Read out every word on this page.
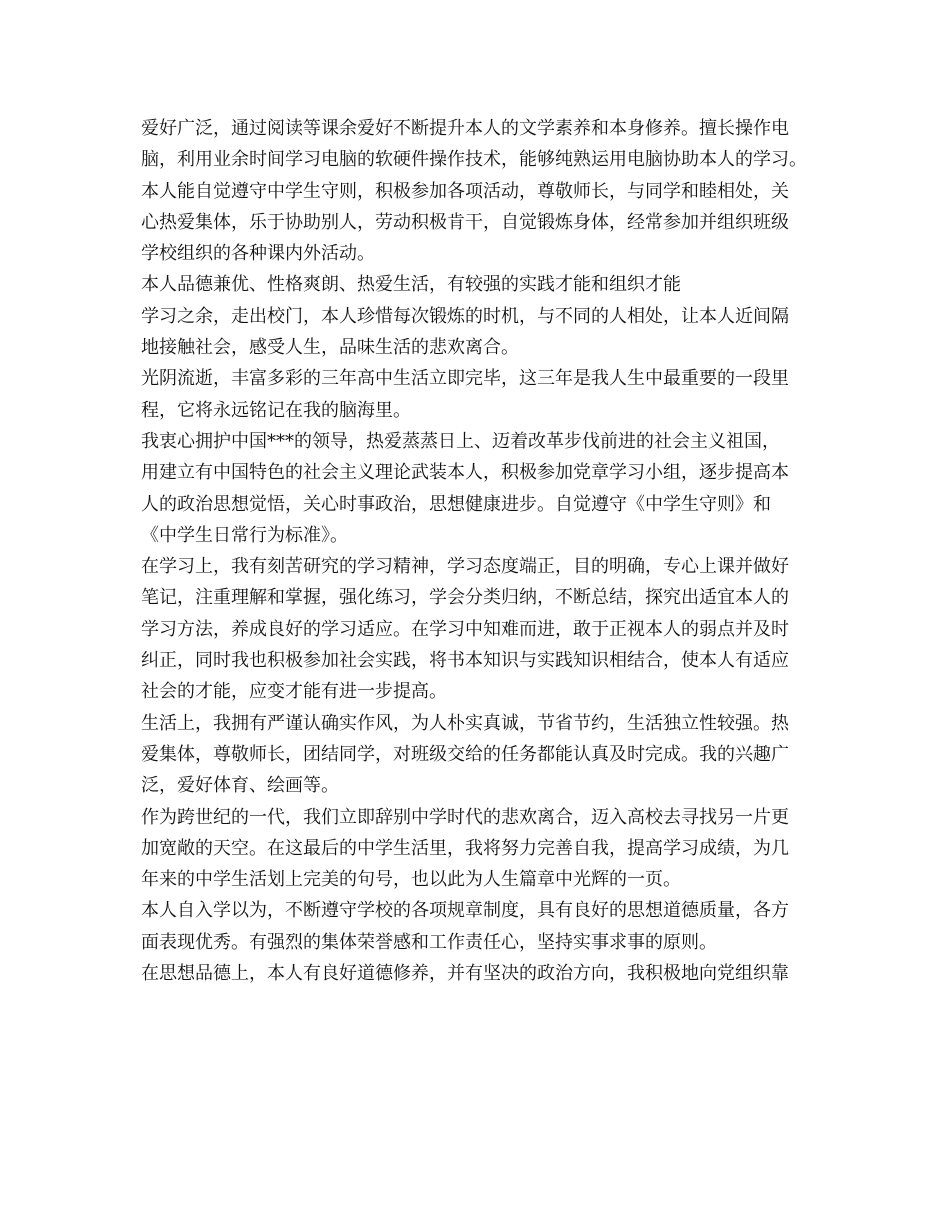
爱好广泛，通过阅读等课余爱好不断提升本人的文学素养和本身修养。擅长操作电
脑，利用业余时间学习电脑的软硬件操作技术，能够纯熟运用电脑协助本人的学习。
本人能自觉遵守中学生守则，积极参加各项活动，尊敬师长，与同学和睦相处，关
心热爱集体，乐于协助别人，劳动积极肯干，自觉锻炼身体，经常参加并组织班级
学校组织的各种课内外活动。
本人品德兼优、性格爽朗、热爱生活，有较强的实践才能和组织才能
学习之余，走出校门，本人珍惜每次锻炼的时机，与不同的人相处，让本人近间隔
地接触社会，感受人生，品味生活的悲欢离合。
光阴流逝，丰富多彩的三年高中生活立即完毕，这三年是我人生中最重要的一段里
程，它将永远铭记在我的脑海里。
我衷心拥护中国***的领导，热爱蒸蒸日上、迈着改革步伐前进的社会主义祖国，
用建立有中国特色的社会主义理论武装本人，积极参加党章学习小组，逐步提高本
人的政治思想觉悟，关心时事政治，思想健康进步。自觉遵守《中学生守则》和
《中学生日常行为标准》。
在学习上，我有刻苦研究的学习精神，学习态度端正，目的明确，专心上课并做好
笔记，注重理解和掌握，强化练习，学会分类归纳，不断总结，探究出适宜本人的
学习方法，养成良好的学习适应。在学习中知难而进，敢于正视本人的弱点并及时
纠正，同时我也积极参加社会实践，将书本知识与实践知识相结合，使本人有适应
社会的才能，应变才能有进一步提高。
生活上，我拥有严谨认确实作风，为人朴实真诚，节省节约，生活独立性较强。热
爱集体，尊敬师长，团结同学，对班级交给的任务都能认真及时完成。我的兴趣广
泛，爱好体育、绘画等。
作为跨世纪的一代，我们立即辞别中学时代的悲欢离合，迈入高校去寻找另一片更
加宽敞的天空。在这最后的中学生活里，我将努力完善自我，提高学习成绩，为几
年来的中学生活划上完美的句号，也以此为人生篇章中光辉的一页。
本人自入学以为，不断遵守学校的各项规章制度，具有良好的思想道德质量，各方
面表现优秀。有强烈的集体荣誉感和工作责任心，坚持实事求事的原则。
在思想品德上，本人有良好道德修养，并有坚决的政治方向，我积极地向党组织靠
